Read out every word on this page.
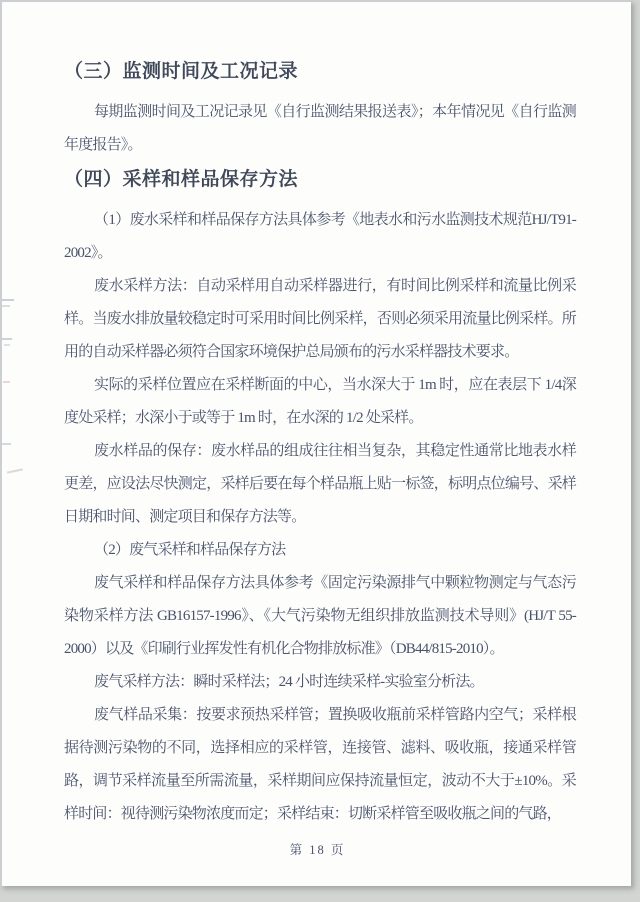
（三）监测时间及工况记录

每期监测时间及工况记录见《自行监测结果报送表》；本年情况见《自行监测年度报告》。

（四）采样和样品保存方法

（1）废水采样和样品保存方法具体参考《地表水和污水监测技术规范HJ/T91-2002》。

废水采样方法：自动采样用自动采样器进行，有时间比例采样和流量比例采样。当废水排放量较稳定时可采用时间比例采样，否则必须采用流量比例采样。所用的自动采样器必须符合国家环境保护总局颁布的污水采样器技术要求。

实际的采样位置应在采样断面的中心，当水深大于 1m 时，应在表层下 1/4深度处采样；水深小于或等于 1m 时，在水深的 1/2 处采样。

废水样品的保存：废水样品的组成往往相当复杂，其稳定性通常比地表水样更差，应设法尽快测定，采样后要在每个样品瓶上贴一标签，标明点位编号、采样日期和时间、测定项目和保存方法等。

（2）废气采样和样品保存方法

废气采样和样品保存方法具体参考《固定污染源排气中颗粒物测定与气态污染物采样方法 GB16157-1996》、《大气污染物无组织排放监测技术导则》(HJ/T 55-2000）以及《印刷行业挥发性有机化合物排放标准》（DB44/815-2010）。

废气采样方法：瞬时采样法；24 小时连续采样-实验室分析法。

废气样品采集：按要求预热采样管；置换吸收瓶前采样管路内空气；采样根据待测污染物的不同，选择相应的采样管，连接管、滤料、吸收瓶，接通采样管路，调节采样流量至所需流量，采样期间应保持流量恒定，波动不大于±10%。采样时间：视待测污染物浓度而定；采样结束：切断采样管至吸收瓶之间的气路，

第 18 页
